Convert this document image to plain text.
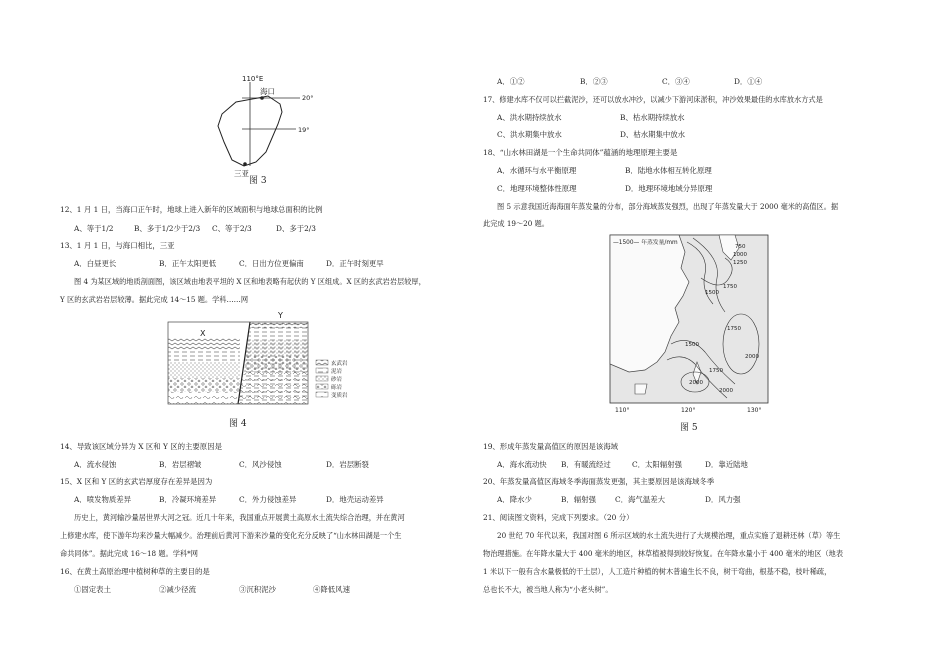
110°E
海口
20°
19°
三亚
图 3
12、1 月 1 日，当海口正午时，地球上进入新年的区域面积与地球总面积的比例
A、等于1/2	B、多于1/2少于2/3 C、等于2/3	D、多于2/3
13、1 月 1 日，与海口相比，三亚
A．白昼更长	B．正午太阳更低	C．日出方位更偏南	D．正午时刻更早
图 4 为某区域的地质剖面图，该区域由地表平坦的 X 区和地表略有起伏的 Y 区组成。X 区的玄武岩岩层较厚，
Y 区的玄武岩岩层较薄。据此完成 14～15 题。学科……网
X
Y
玄武岩
泥岩
砂岩
砾岩
变质岩
图 4
14、导致该区域分异为 X 区和 Y 区的主要原因是
A．流水侵蚀	B．岩层褶皱	C．风沙侵蚀	D．岩层断裂
15、X 区和 Y 区的玄武岩厚度存在差异是因为
A．喷发物质差异	B．冷凝环境差异	C．外力侵蚀差异	D．地壳运动差异
历史上，黄河输沙量居世界大河之冠。近几十年来，我国重点开展黄土高原水土流失综合治理，并在黄河
上修建水库，使下游年均来沙量大幅减少。治理前后黄河下游来沙量的变化充分反映了“山水林田湖是一个生
命共同体”。据此完成 16～18 题。学科*网
16、在黄土高原治理中植树种草的主要目的是
①固定表土	②减少径流	③沉积泥沙	④降低风速
A．①②	B．②③	C．③④	D．①④
17、修建水库不仅可以拦截泥沙，还可以放水冲沙，以减少下游河床淤积，冲沙效果最佳的水库放水方式是
A、洪水期持续放水	B、枯水期持续放水
C、洪水期集中放水	D、枯水期集中放水
18、“山水林田湖是一个生命共同体”蕴涵的地理原理主要是
A．水循环与水平衡原理	B．陆地水体相互转化原理
C．地理环境整体性原理	D．地理环境地域分异原理
图 5 示意我国近海海面年蒸发量的分布，部分海域蒸发强烈，出现了年蒸发量大于 2000 毫米的高值区。据
此完成 19～20 题。
—1500— 年蒸发量/mm
750
1000
1250
1500
1750
2000
1750
1500
2000
1750
2000
110°	120°	130°
图 5
19、形成年蒸发量高值区的原因是该海域
A．海水流动快 B．有暖流经过	C．太阳辐射强	D．靠近陆地
20、年蒸发量高值区海域冬季海面蒸发更强，其主要原因是该海域冬季
A．降水少	B．辐射强	C．海气温差大	D．风力强
21、阅读图文资料，完成下列要求。（20 分）
20 世纪 70 年代以来，我国对图 6 所示区域的水土流失进行了大规模治理，重点实施了退耕还林（草）等生
物治理措施。在年降水量大于 400 毫米的地区，林草植被得到较好恢复。在年降水量小于 400 毫米的地区（地表
1 米以下一般有含水量极低的干土层），人工造片种植的树木普遍生长不良，树干弯曲，根基不稳，枝叶稀疏，
总也长不大，被当地人称为“小老头树”。
